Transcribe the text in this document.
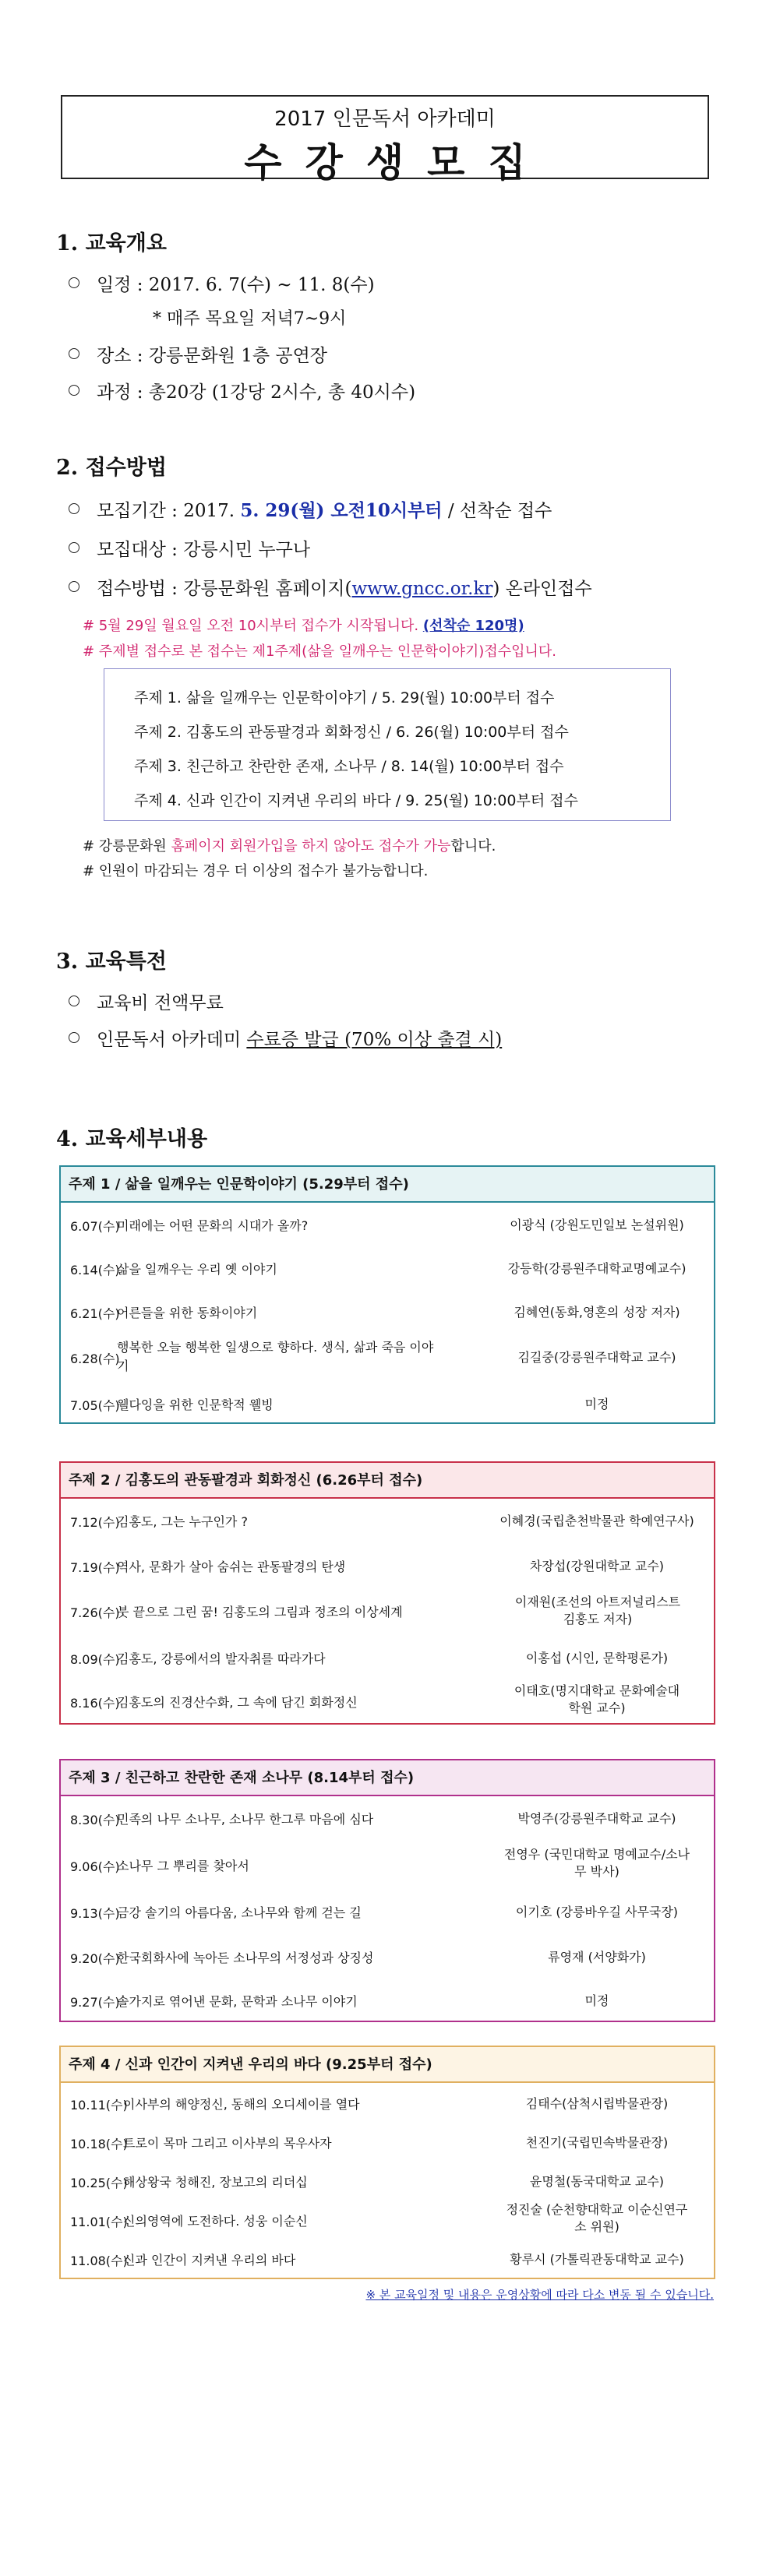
2017 인문독서 아카데미
수강생모집
1. 교육개요
일정 : 2017. 6. 7(수) ~ 11. 8(수)
* 매주 목요일 저녁7~9시
장소 : 강릉문화원 1층 공연장
과정 : 총20강 (1강당 2시수, 총 40시수)
2. 접수방법
모집기간 : 2017. 5. 29(월) 오전10시부터 / 선착순 접수
모집대상 : 강릉시민 누구나
접수방법 : 강릉문화원 홈페이지(www.gncc.or.kr) 온라인접수
# 5월 29일 월요일 오전 10시부터 접수가 시작됩니다. (선착순 120명)
# 주제별 접수로 본 접수는 제1주제(삶을 일깨우는 인문학이야기)접수입니다.
주제 1. 삶을 일깨우는 인문학이야기 / 5. 29(월) 10:00부터 접수
주제 2. 김홍도의 관동팔경과 회화정신 / 6. 26(월) 10:00부터 접수
주제 3. 친근하고 찬란한 존재, 소나무 / 8. 14(월) 10:00부터 접수
주제 4. 신과 인간이 지켜낸 우리의 바다 / 9. 25(월) 10:00부터 접수
# 강릉문화원 홈페이지 회원가입을 하지 않아도 접수가 가능합니다.
# 인원이 마감되는 경우 더 이상의 접수가 불가능합니다.
3. 교육특전
교육비 전액무료
인문독서 아카데미 수료증 발급 (70% 이상 출결 시)
4. 교육세부내용
주제 1 / 삶을 일깨우는 인문학이야기 (5.29부터 접수)
6.07(수)
미래에는 어떤 문화의 시대가 올까?	이광식 (강원도민일보 논설위원)
6.14(수)
삶을 일깨우는 우리 옛 이야기	강등학(강릉원주대학교명예교수)
6.21(수)
어른들을 위한 동화이야기	김혜연(동화,영혼의 성장 저자)
6.28(수)
행복한 오늘 행복한 일생으로 향하다. 생식, 삶과 죽음 이야기
김길중(강릉원주대학교 교수)
7.05(수)
웰다잉을 위한 인문학적 웰빙	미정
주제 2 / 김홍도의 관동팔경과 회화정신 (6.26부터 접수)
7.12(수)
김홍도, 그는 누구인가 ?	이혜경(국립춘천박물관 학예연구사)
7.19(수)
역사, 문화가 살아 숨쉬는 관동팔경의 탄생	차장섭(강원대학교 교수)
7.26(수)
붓 끝으로 그린 꿈! 김홍도의 그림과 정조의 이상세계
이재원(조선의 아트저널리스트 김홍도 저자)
8.09(수)
김홍도, 강릉에서의 발자취를 따라가다	이홍섭 (시인, 문학평론가)
8.16(수)
김홍도의 진경산수화, 그 속에 담긴 회화정신
이태호(명지대학교 문화예술대학원 교수)
주제 3 / 친근하고 찬란한 존재 소나무 (8.14부터 접수)
8.30(수)
민족의 나무 소나무, 소나무 한그루 마음에 심다	박영주(강릉원주대학교 교수)
9.06(수)
소나무 그 뿌리를 찾아서
전영우 (국민대학교 명예교수/소나무 박사)
9.13(수)
금강 솔기의 아름다움, 소나무와 함께 걷는 길	이기호 (강릉바우길 사무국장)
9.20(수)
한국회화사에 녹아든 소나무의 서정성과 상징성	류영재 (서양화가)
9.27(수)
솔가지로 엮어낸 문화, 문학과 소나무 이야기	미정
주제 4 / 신과 인간이 지켜낸 우리의 바다 (9.25부터 접수)
10.11(수)
이사부의 해양정신, 동해의 오디세이를 열다	김태수(삼척시립박물관장)
10.18(수)
트로이 목마 그리고 이사부의 목우사자	천진기(국립민속박물관장)
10.25(수)
해상왕국 청해진, 장보고의 리더십	윤명철(동국대학교 교수)
11.01(수)
신의영역에 도전하다. 성웅 이순신
정진술 (순천향대학교 이순신연구소 위원)
11.08(수)
신과 인간이 지켜낸 우리의 바다	황루시 (가톨릭관동대학교 교수)
※ 본 교육일정 및 내용은 운영상황에 따라 다소 변동 될 수 있습니다.
